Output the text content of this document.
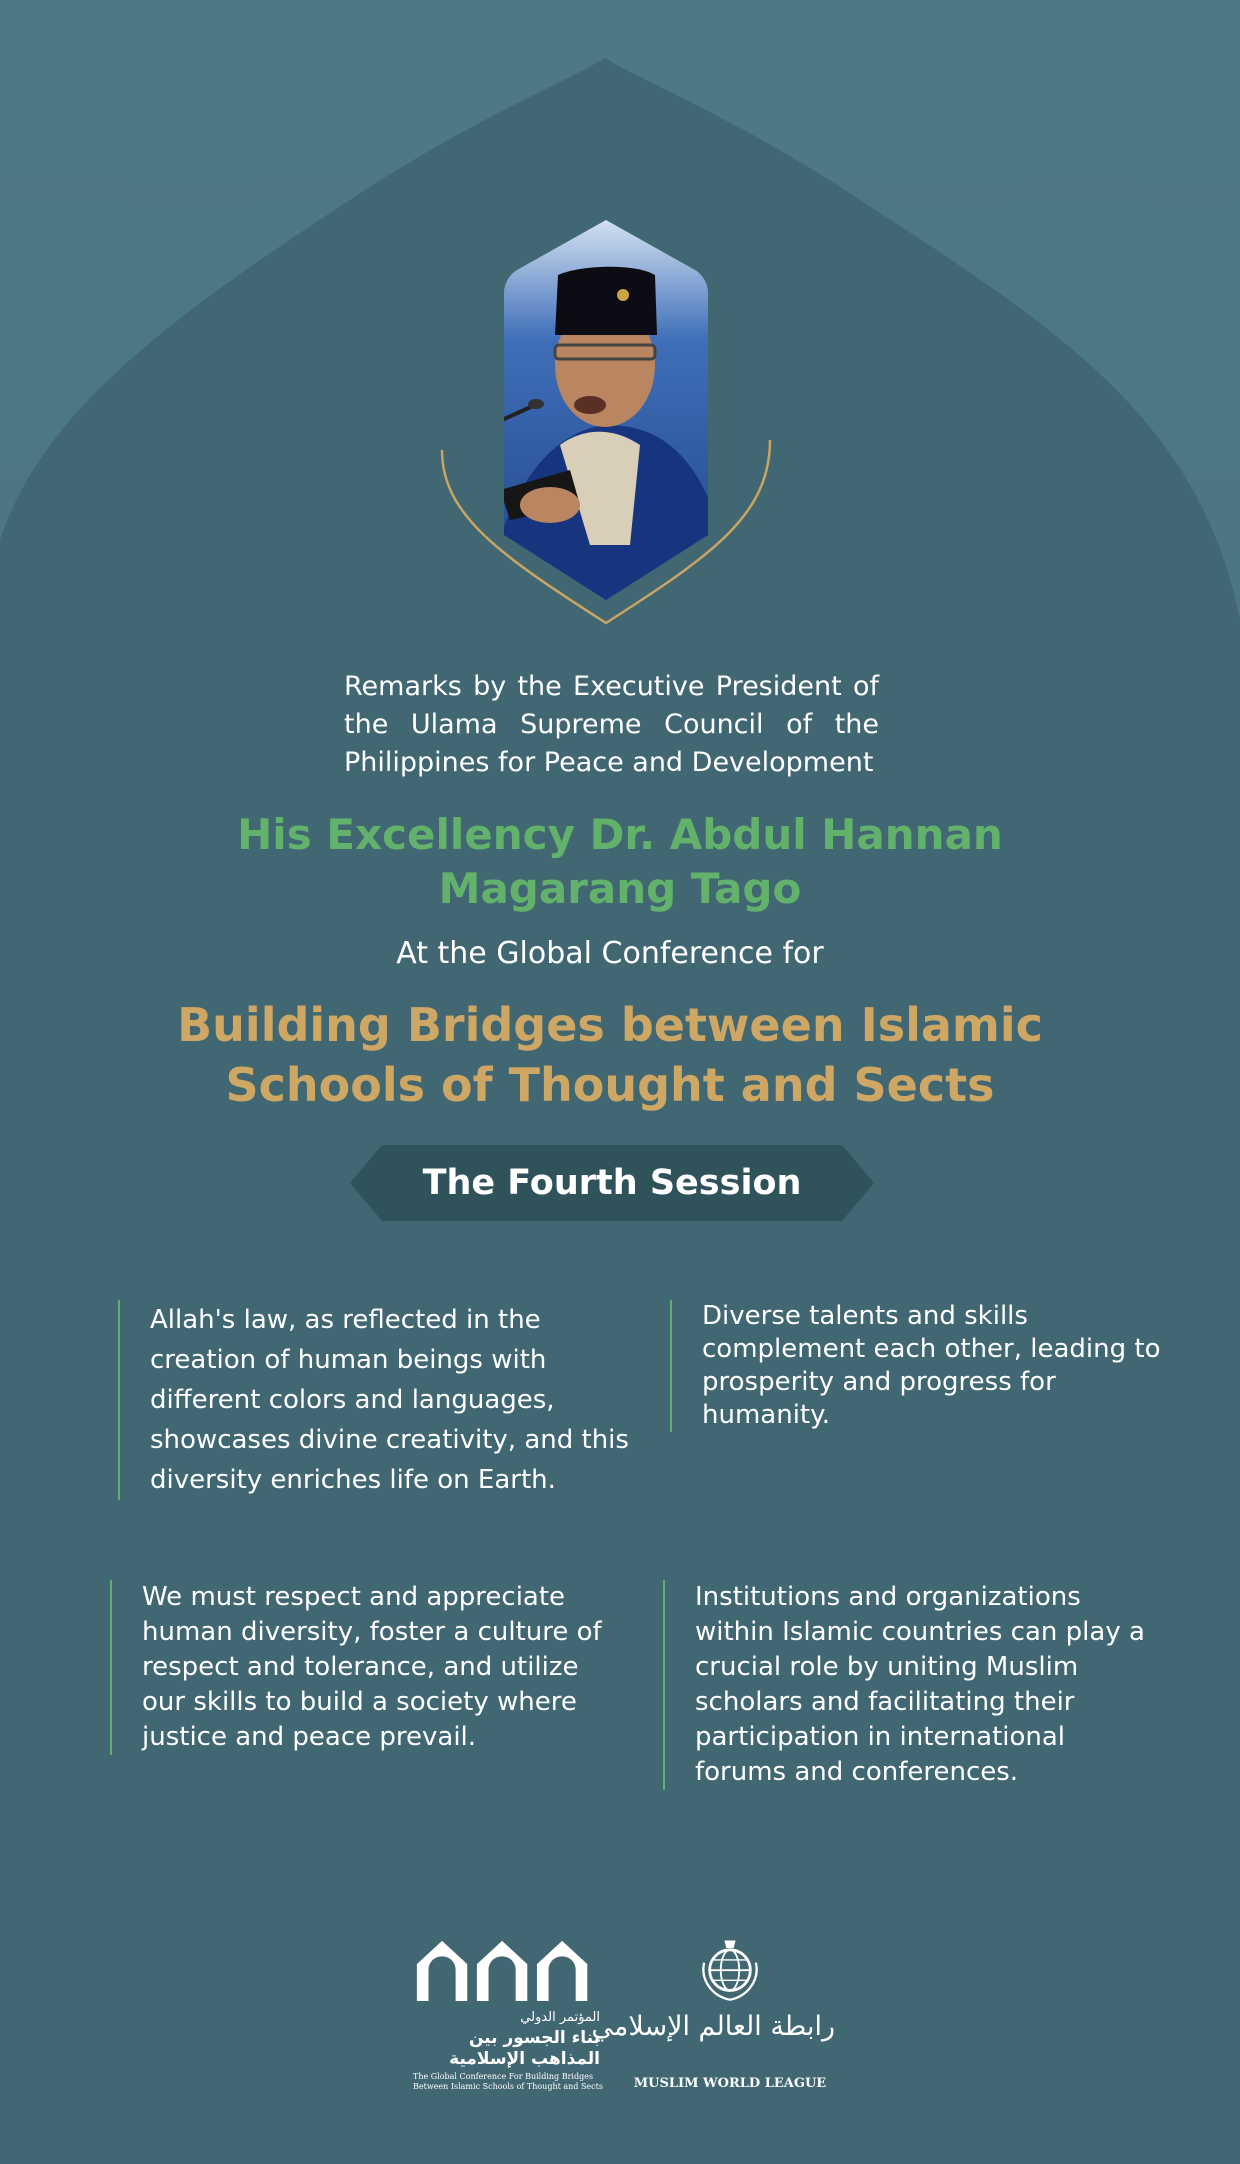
Remarks by the Executive President of
the Ulama Supreme Council of the
Philippines for Peace and Development
His Excellency Dr. Abdul Hannan
Magarang Tago
At the Global Conference for
Building Bridges between Islamic
Schools of Thought and Sects
The Fourth Session
Allah's law, as reflected in the
creation of human beings with
different colors and languages,
showcases divine creativity, and this
diversity enriches life on Earth.
Diverse talents and skills
complement each other, leading to
prosperity and progress for
humanity.
We must respect and appreciate
human diversity, foster a culture of
respect and tolerance, and utilize
our skills to build a society where
justice and peace prevail.
Institutions and organizations
within Islamic countries can play a
crucial role by uniting Muslim
scholars and facilitating their
participation in international
forums and conferences.
المؤتمر الدولي
بناء الجسور بين
المذاهب الإسلامية
The Global Conference For Building Bridges
Between Islamic Schools of Thought and Sects
رابطة العالم الإسلامي
MUSLIM WORLD LEAGUE
